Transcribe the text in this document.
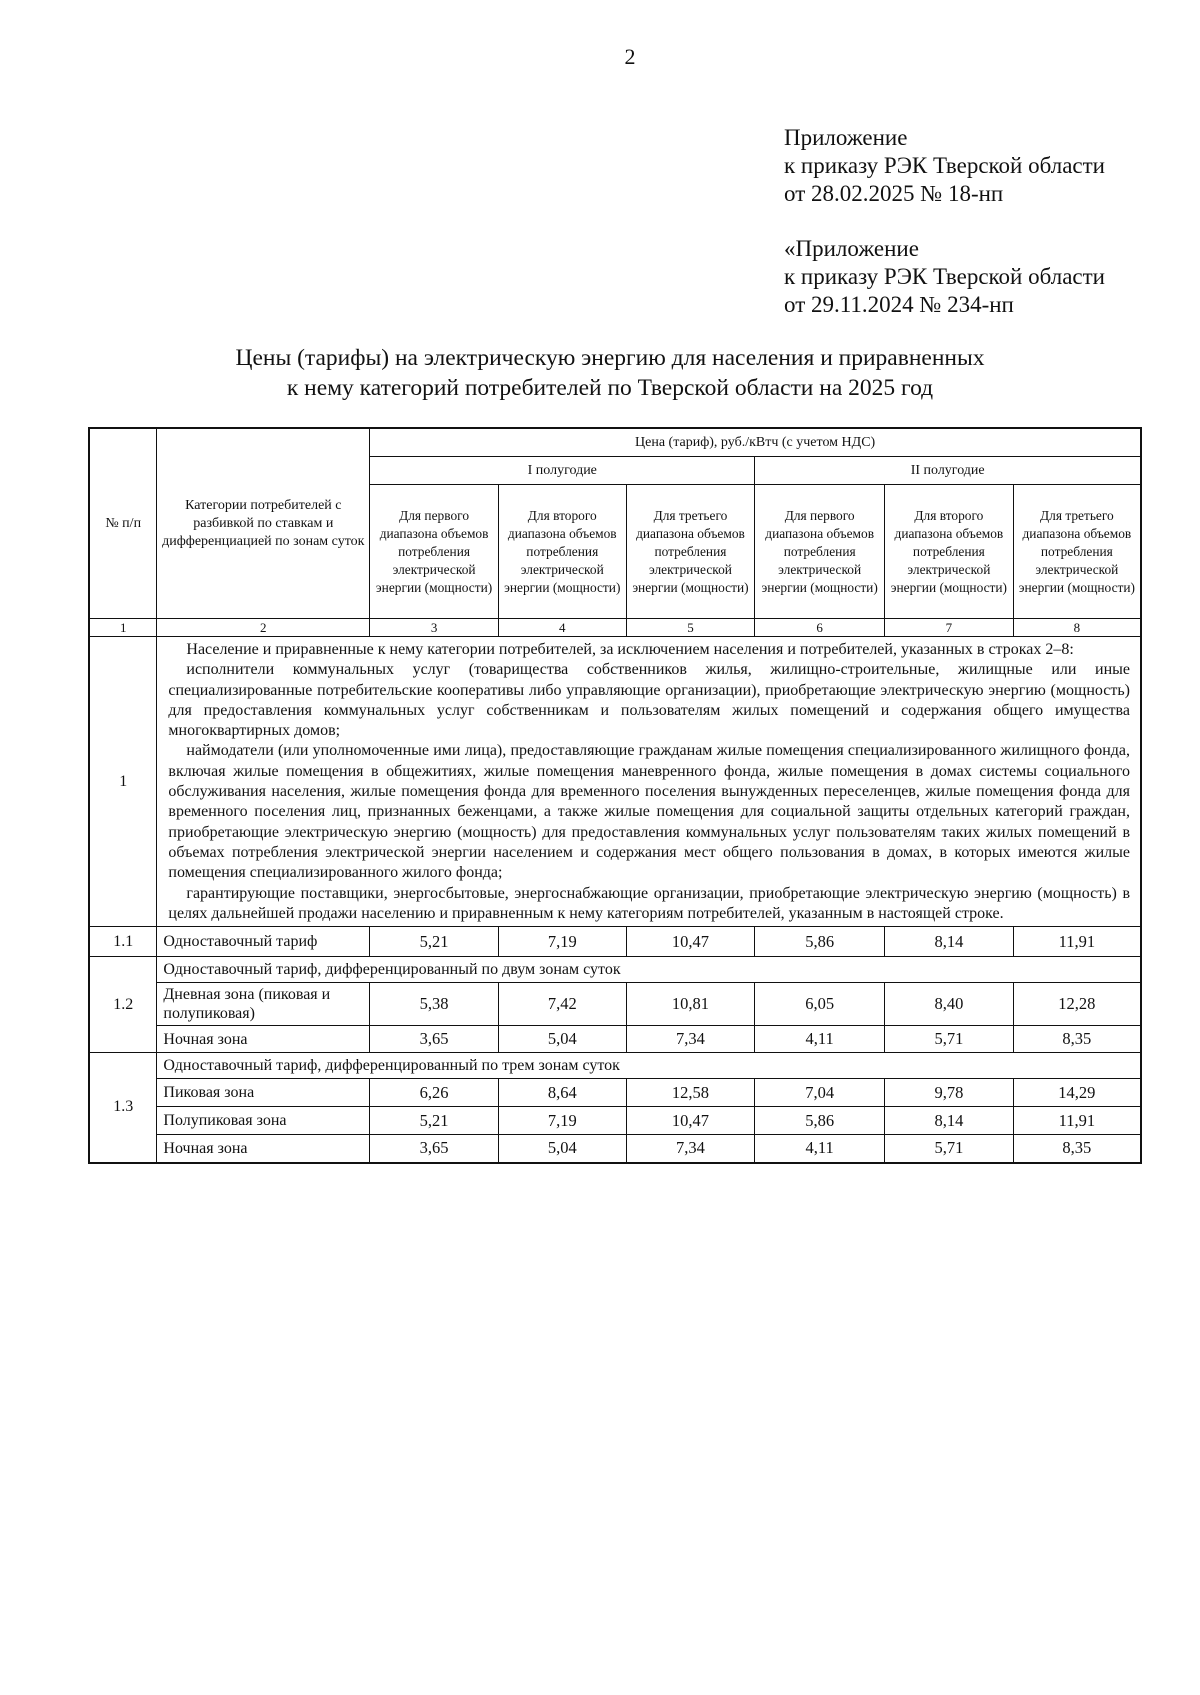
2
Приложение
к приказу РЭК Тверской области
от 28.02.2025 № 18-нп
«Приложение
к приказу РЭК Тверской области
от 29.11.2024 № 234-нп
Цены (тарифы) на электрическую энергию для населения и приравненных
к нему категорий потребителей по Тверской области на 2025 год
№ п/п	Категории потребителей с разбивкой по ставкам и дифференциацией по зонам суток	Цена (тариф), руб./кВтч (с учетом НДС)					
		I полугодие			II полугодие		
		Для первого диапазона объемов потребления электрической энергии (мощности)	Для второго диапазона объемов потребления электрической энергии (мощности)	Для третьего диапазона объемов потребления электрической энергии (мощности)	Для первого диапазона объемов потребления электрической энергии (мощности)	Для второго диапазона объемов потребления электрической энергии (мощности)	Для третьего диапазона объемов потребления электрической энергии (мощности)
1	2	3	4	5	6	7	8
1	Население и приравненные к нему категории потребителей, за исключением населения и потребителей, указанных в строках 2–8:

исполнители коммунальных услуг (товарищества собственников жилья, жилищно-строительные, жилищные или иные специализированные потребительские кооперативы либо управляющие организации), приобретающие электрическую энергию (мощность) для предоставления коммунальных услуг собственникам и пользователям жилых помещений и содержания общего имущества многоквартирных домов;

наймодатели (или уполномоченные ими лица), предоставляющие гражданам жилые помещения специализированного жилищного фонда, включая жилые помещения в общежитиях, жилые помещения маневренного фонда, жилые помещения в домах системы социального обслуживания населения, жилые помещения фонда для временного поселения вынужденных переселенцев, жилые помещения фонда для временного поселения лиц, признанных беженцами, а также жилые помещения для социальной защиты отдельных категорий граждан, приобретающие электрическую энергию (мощность) для предоставления коммунальных услуг пользователям таких жилых помещений в объемах потребления электрической энергии населением и содержания мест общего пользования в домах, в которых имеются жилые помещения специализированного жилого фонда;

гарантирующие поставщики, энергосбытовые, энергоснабжающие организации, приобретающие электрическую энергию (мощность) в целях дальнейшей продажи населению и приравненным к нему категориям потребителей, указанным в настоящей строке.						

1.1	Одноставочный тариф	5,21	7,19	10,47	5,86	8,14	11,91
1.2	Одноставочный тариф, дифференцированный по двум зонам суток						
	Дневная зона (пиковая и полупиковая)	5,38	7,42	10,81	6,05	8,40	12,28
	Ночная зона	3,65	5,04	7,34	4,11	5,71	8,35
1.3	Одноставочный тариф, дифференцированный по трем зонам суток						
	Пиковая зона	6,26	8,64	12,58	7,04	9,78	14,29
	Полупиковая зона	5,21	7,19	10,47	5,86	8,14	11,91
	Ночная зона	3,65	5,04	7,34	4,11	5,71	8,35
